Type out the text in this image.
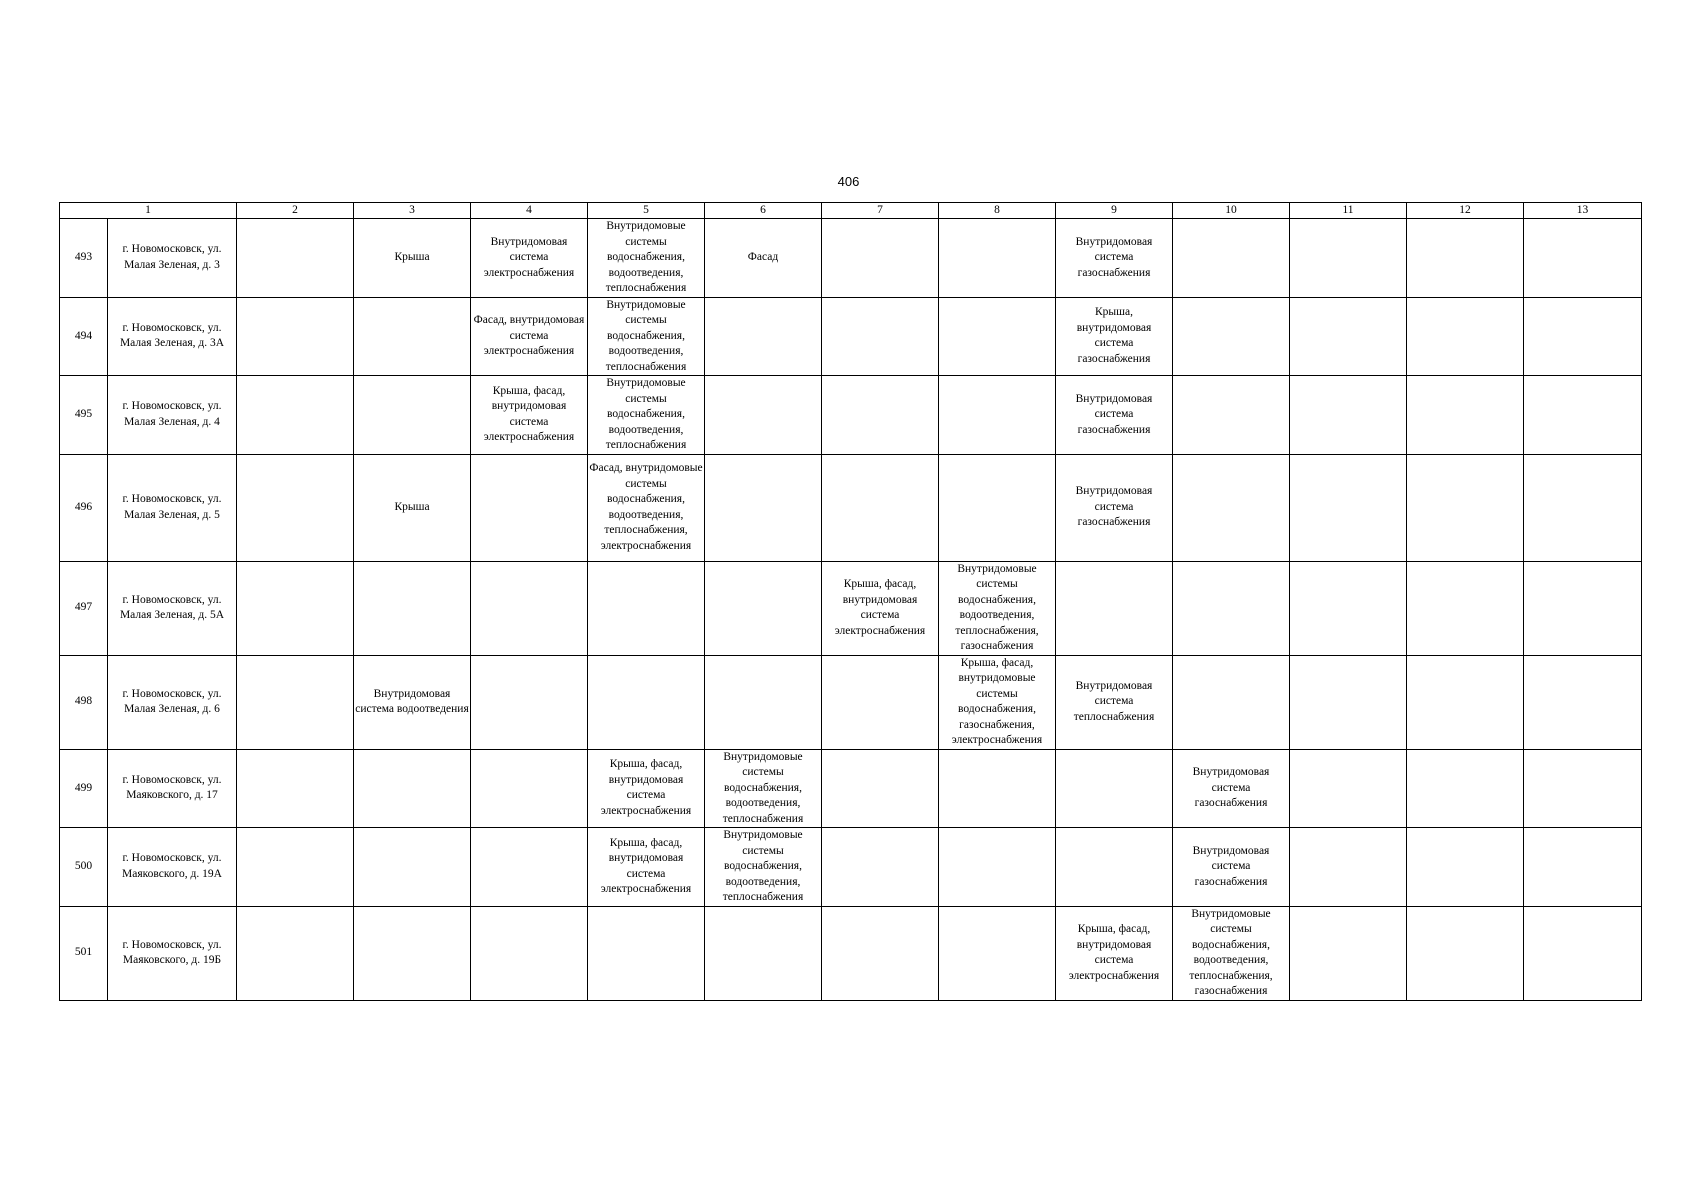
406
1		2	3	4	5	6	7	8	9	10	11	12	13
493	г. Новомосковск, ул. Малая Зеленая, д. 3		Крыша	Внутридомовая система электроснабжения	Внутридомовые системы водоснабжения, водоотведения, теплоснабжения	Фасад			Внутридомовая система газоснабжения				
494	г. Новомосковск, ул. Малая Зеленая, д. 3А			Фасад, внутридомовая система электроснабжения	Внутридомовые системы водоснабжения, водоотведения, теплоснабжения				Крыша, внутридомовая система газоснабжения				
495	г. Новомосковск, ул. Малая Зеленая, д. 4			Крыша, фасад, внутридомовая система электроснабжения	Внутридомовые системы водоснабжения, водоотведения, теплоснабжения				Внутридомовая система газоснабжения				
496	г. Новомосковск, ул. Малая Зеленая, д. 5		Крыша		Фасад, внутридомовые системы водоснабжения, водоотведения, теплоснабжения, электроснабжения				Внутридомовая система газоснабжения				
497	г. Новомосковск, ул. Малая Зеленая, д. 5А						Крыша, фасад, внутридомовая система электроснабжения	Внутридомовые системы водоснабжения, водоотведения, теплоснабжения, газоснабжения					
498	г. Новомосковск, ул. Малая Зеленая, д. 6		Внутридомовая система водоотведения					Крыша, фасад, внутридомовые системы водоснабжения, газоснабжения, электроснабжения	Внутридомовая система теплоснабжения				
499	г. Новомосковск, ул. Маяковского, д. 17				Крыша, фасад, внутридомовая система электроснабжения	Внутридомовые системы водоснабжения, водоотведения, теплоснабжения				Внутридомовая система газоснабжения			
500	г. Новомосковск, ул. Маяковского, д. 19А				Крыша, фасад, внутридомовая система электроснабжения	Внутридомовые системы водоснабжения, водоотведения, теплоснабжения				Внутридомовая система газоснабжения			
501	г. Новомосковск, ул. Маяковского, д. 19Б								Крыша, фасад, внутридомовая система электроснабжения	Внутридомовые системы водоснабжения, водоотведения, теплоснабжения, газоснабжения			
